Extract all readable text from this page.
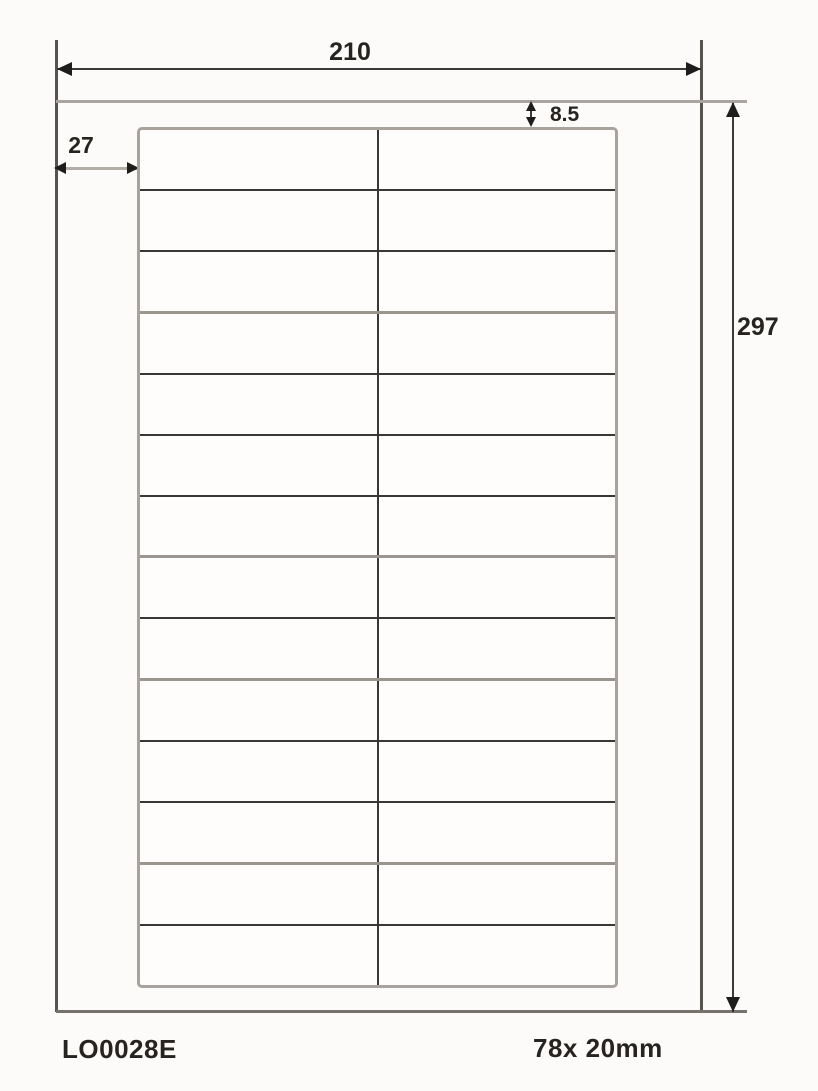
210
297
27
8.5
LO0028E	78x 20mm
